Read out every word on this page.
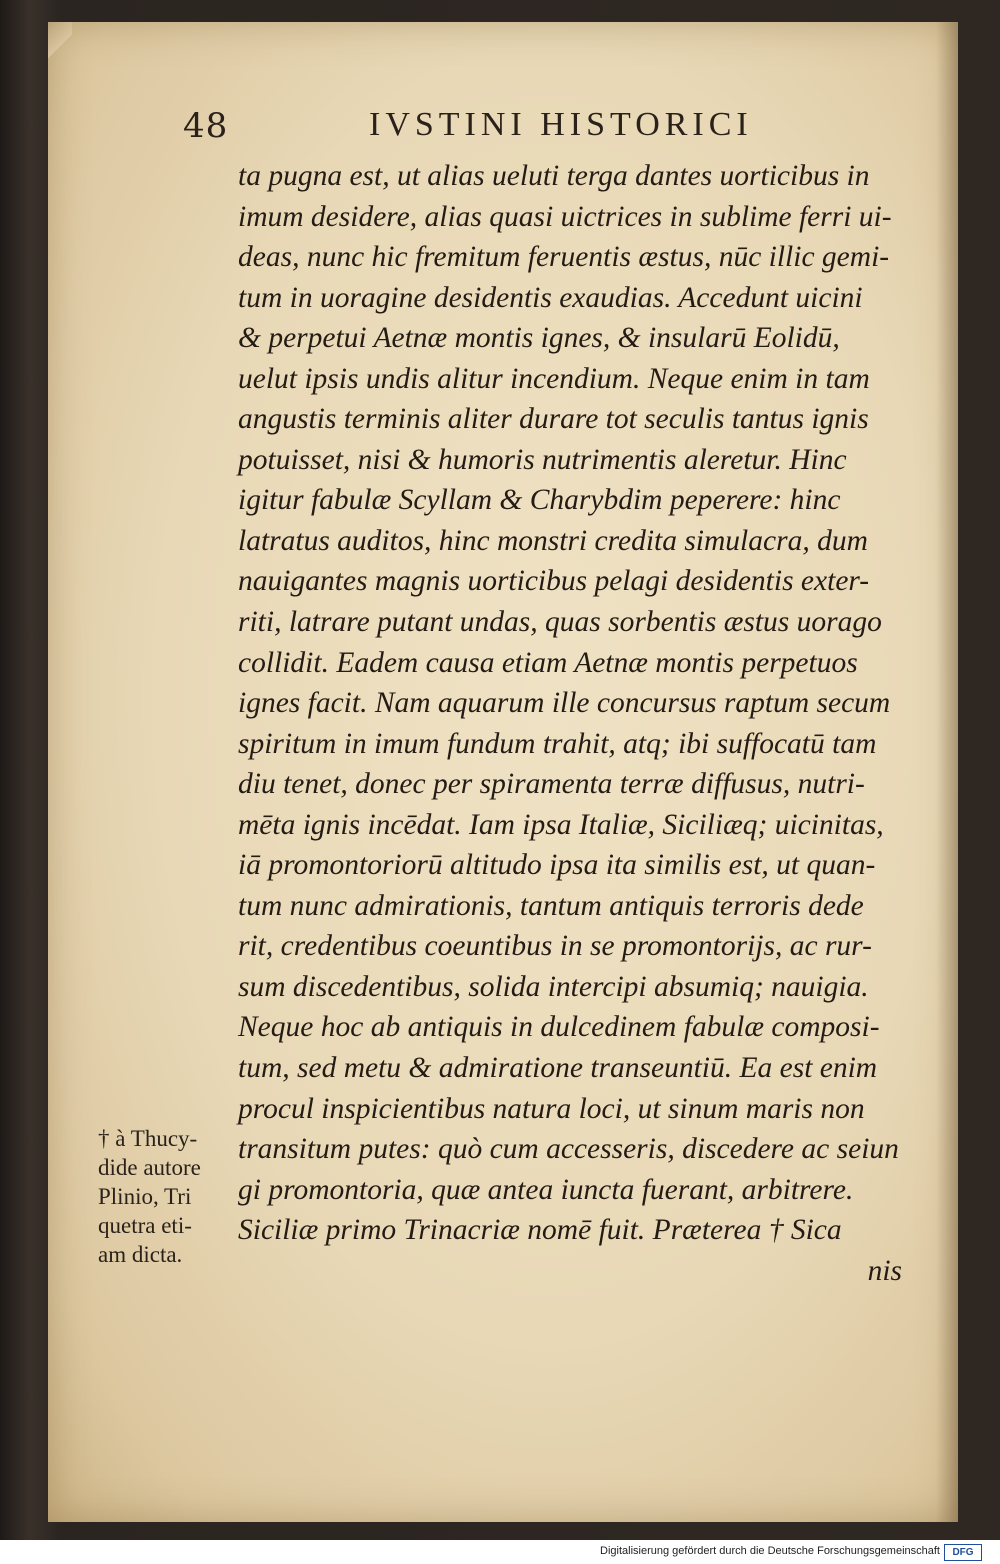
48	IVSTINI HISTORICI
ta pugna est, ut alias ueluti terga dantes uorticibus in
imum desidere, alias quasi uictrices in sublime ferri ui-
deas, nunc hic fremitum feruentis æstus, nūc illic gemi-
tum in uoragine desidentis exaudias. Accedunt uicini
& perpetui Aetnæ montis ignes, & insularū Eolidū,
uelut ipsis undis alitur incendium. Neque enim in tam
angustis terminis aliter durare tot seculis tantus ignis
potuisset, nisi & humoris nutrimentis aleretur. Hinc
igitur fabulæ Scyllam & Charybdim peperere: hinc
latratus auditos, hinc monstri credita simulacra, dum
nauigantes magnis uorticibus pelagi desidentis exter-
riti, latrare putant undas, quas sorbentis æstus uorago
collidit. Eadem causa etiam Aetnæ montis perpetuos
ignes facit. Nam aquarum ille concursus raptum secum
spiritum in imum fundum trahit, atq; ibi suffocatū tam
diu tenet, donec per spiramenta terræ diffusus, nutri-
mēta ignis incēdat. Iam ipsa Italiæ, Siciliæq; uicinitas,
iā promontoriorū altitudo ipsa ita similis est, ut quan-
tum nunc admirationis, tantum antiquis terroris dede
rit, credentibus coeuntibus in se promontorijs, ac rur-
sum discedentibus, solida intercipi absumiq; nauigia.
Neque hoc ab antiquis in dulcedinem fabulæ composi-
tum, sed metu & admiratione transeuntiū. Ea est enim
procul inspicientibus natura loci, ut sinum maris non
transitum putes: quò cum accesseris, discedere ac seiun
gi promontoria, quæ antea iuncta fuerant, arbitrere.
Siciliæ primo Trinacriæ nomē fuit. Præterea † Sica
nis
† à Thucy-
dide autore
Plinio, Tri
quetra eti-
am dicta.
Digitalisierung gefördert durch die Deutsche Forschungsgemeinschaft	DFG
